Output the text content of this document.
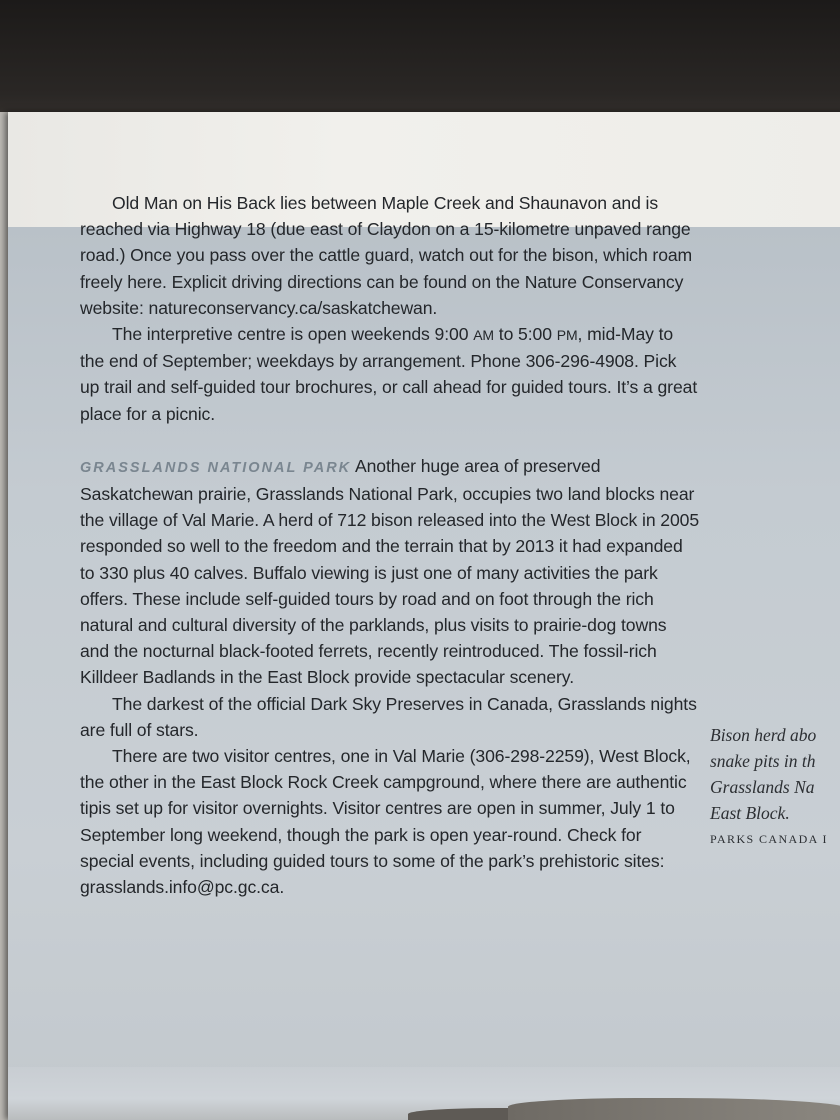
Old Man on His Back lies between Maple Creek and Shaunavon and is reached via Highway 18 (due east of Claydon on a 15-kilometre unpaved range road.) Once you pass over the cattle guard, watch out for the bison, which roam freely here. Explicit driving directions can be found on the Nature Conservancy website: natureconservancy.ca/saskatchewan.

The interpretive centre is open weekends 9:00 AM to 5:00 PM, mid-May to the end of September; weekdays by arrangement. Phone 306-296-4908. Pick up trail and self-guided tour brochures, or call ahead for guided tours. It’s a great place for a picnic.

GRASSLANDS NATIONAL PARK Another huge area of preserved Saskatchewan prairie, Grasslands National Park, occupies two land blocks near the village of Val Marie. A herd of 712 bison released into the West Block in 2005 responded so well to the freedom and the terrain that by 2013 it had expanded to 330 plus 40 calves. Buffalo viewing is just one of many activities the park offers. These include self-guided tours by road and on foot through the rich natural and cultural diversity of the parklands, plus visits to prairie-dog towns and the nocturnal black-footed ferrets, recently reintroduced. The fossil-rich Killdeer Badlands in the East Block provide spectacular scenery.

The darkest of the official Dark Sky Preserves in Canada, Grasslands nights are full of stars.

There are two visitor centres, one in Val Marie (306-298-2259), West Block, the other in the East Block Rock Creek campground, where there are authentic tipis set up for visitor overnights. Visitor centres are open in summer, July 1 to September long weekend, though the park is open year-round. Check for special events, including guided tours to some of the park’s prehistoric sites: grasslands.info@pc.gc.ca.

Bison herd abo
snake pits in th
Grasslands Na
East Block.
PARKS CANADA I
